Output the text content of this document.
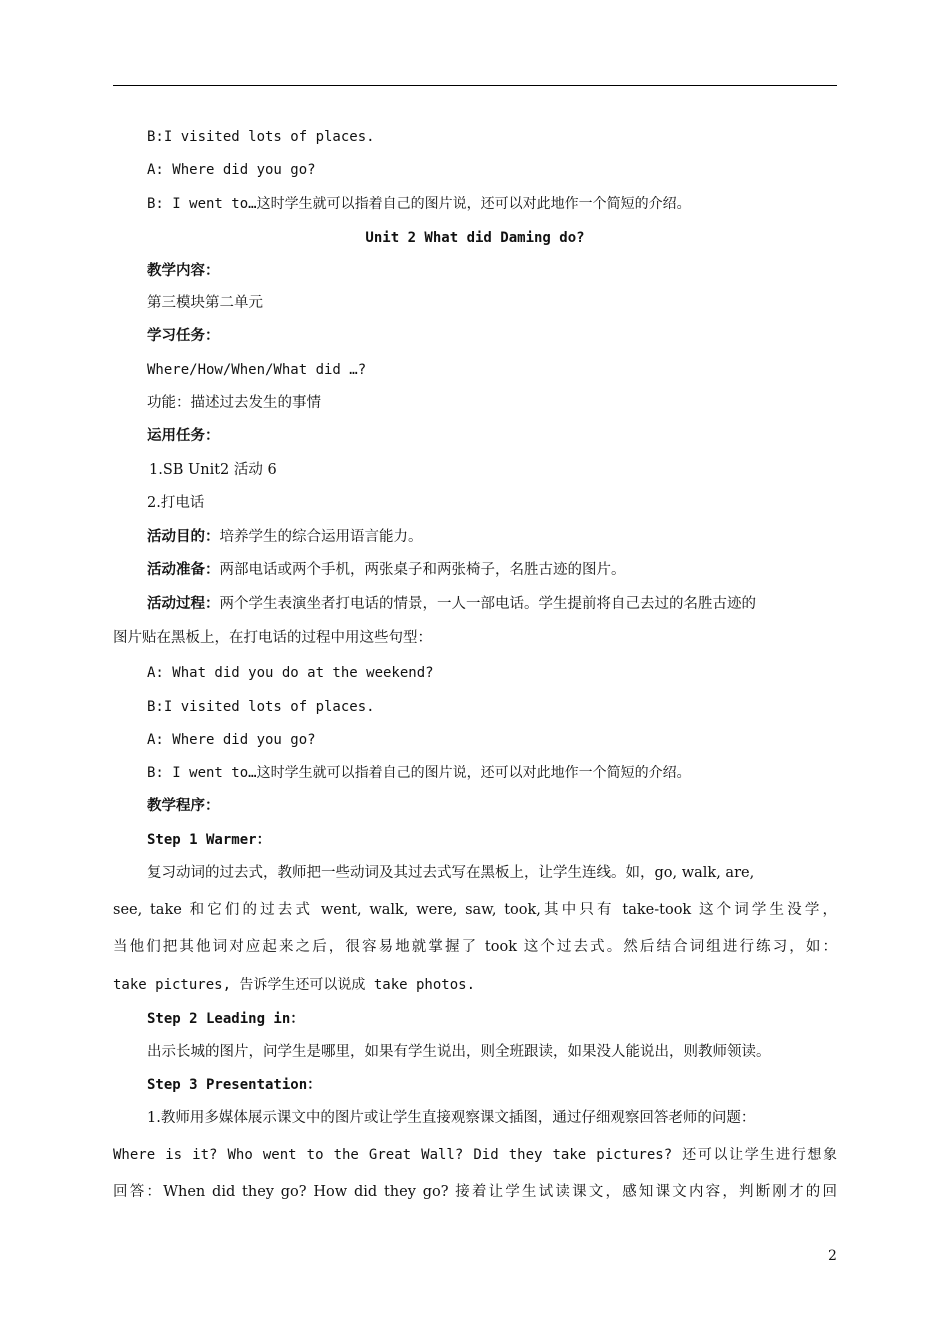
B:I visited lots of places.
A: Where did you go?
B: I went to…这时学生就可以指着自己的图片说，还可以对此地作一个简短的介绍。
Unit 2 What did Daming do?
教学内容：
第三模块第二单元
学习任务：
Where/How/When/What did …?
功能：描述过去发生的事情
运用任务：
1.SB Unit2 活动 6
2.打电话
活动目的：培养学生的综合运用语言能力。
活动准备：两部电话或两个手机，两张桌子和两张椅子，名胜古迹的图片。
活动过程：两个学生表演坐者打电话的情景，一人一部电话。学生提前将自己去过的名胜古迹的
图片贴在黑板上，在打电话的过程中用这些句型：
A: What did you do at the weekend?
B:I visited lots of places.
A: Where did you go?
B: I went to…这时学生就可以指着自己的图片说，还可以对此地作一个简短的介绍。
教学程序：
Step 1 Warmer：
复习动词的过去式，教师把一些动词及其过去式写在黑板上，让学生连线。如，go, walk, are,
see, take 和它们的过去式 went, walk, were, saw, took,其中只有 take-took 这个词学生没学，
当他们把其他词对应起来之后，很容易地就掌握了 took 这个过去式。然后结合词组进行练习，如：
take pictures, 告诉学生还可以说成 take photos.
Step 2 Leading in：
出示长城的图片，问学生是哪里，如果有学生说出，则全班跟读，如果没人能说出，则教师领读。
Step 3 Presentation：
1.教师用多媒体展示课文中的图片或让学生直接观察课文插图，通过仔细观察回答老师的问题：
Where is it? Who went to the Great Wall? Did they take pictures? 还可以让学生进行想象
回答：When did they go? How did they go? 接着让学生试读课文，感知课文内容，判断刚才的回
2
